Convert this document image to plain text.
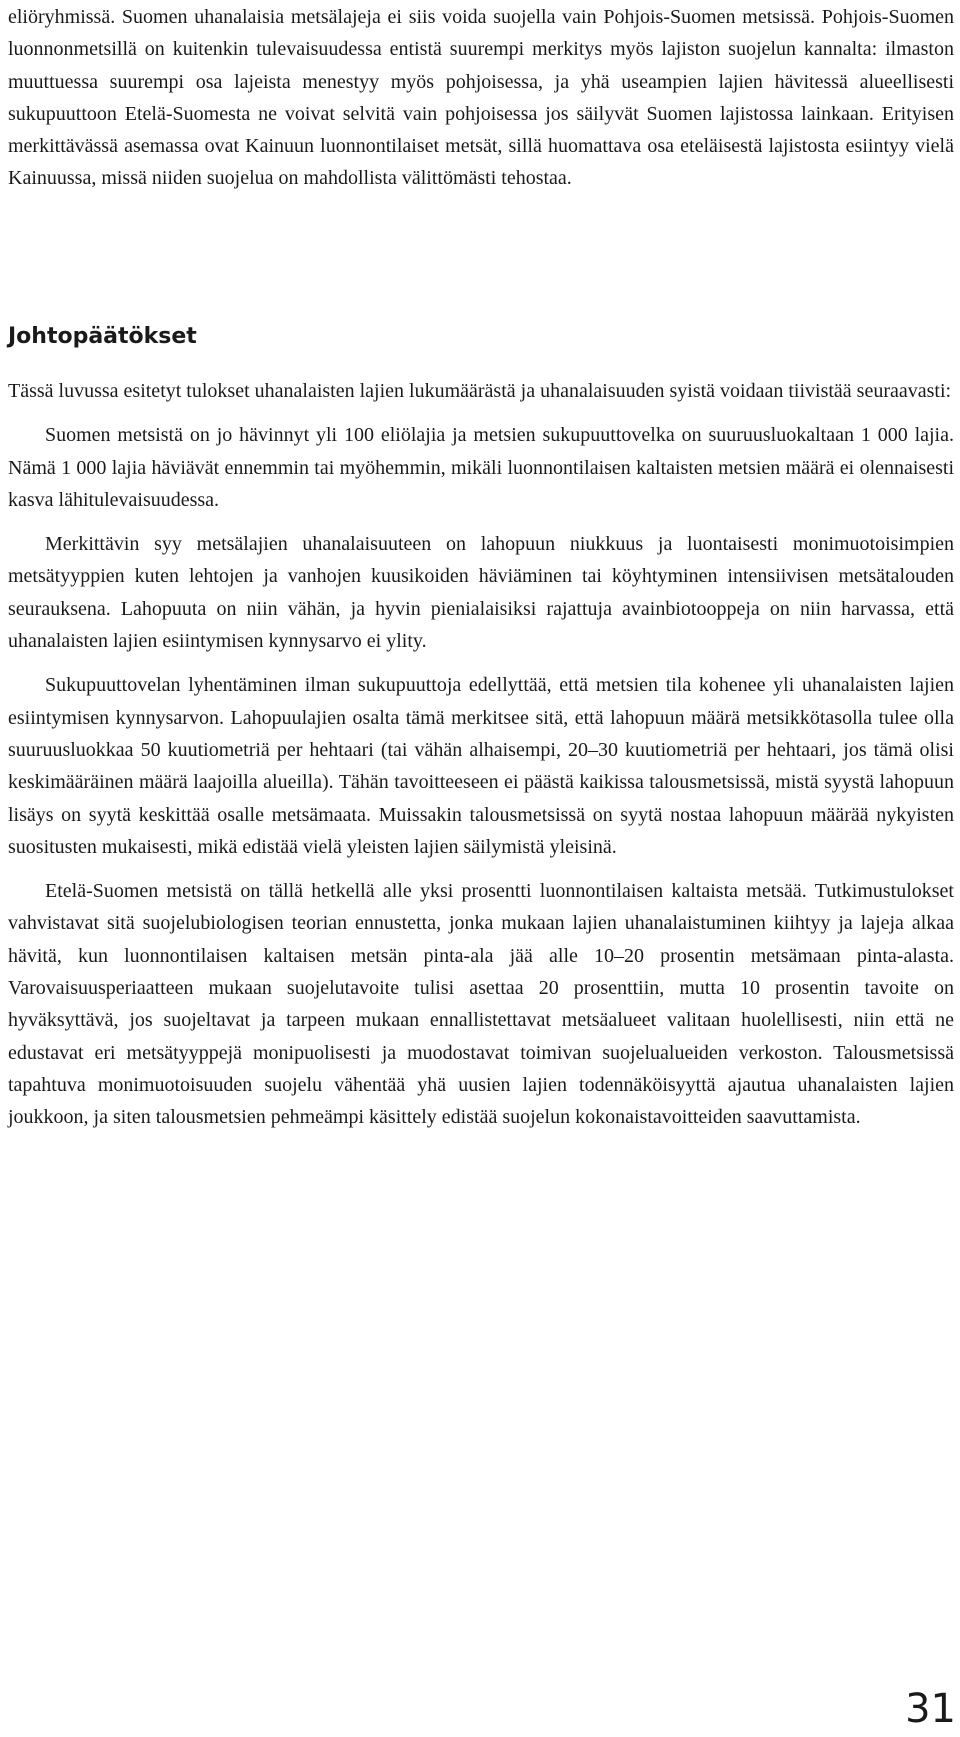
eliöryhmissä. Suomen uhanalaisia metsälajeja ei siis voida suojella vain Pohjois-Suomen metsissä. Pohjois-Suomen luonnonmetsillä on kuitenkin tulevaisuudessa entistä suurempi merkitys myös lajiston suojelun kannalta: ilmaston muuttuessa suurempi osa lajeista menestyy myös pohjoisessa, ja yhä useampien lajien hävitessä alueellisesti sukupuuttoon Etelä-Suomesta ne voivat selvitä vain pohjoisessa jos säilyvät Suomen lajistossa lainkaan. Erityisen merkittävässä asemassa ovat Kainuun luonnontilaiset metsät, sillä huomattava osa eteläisestä lajistosta esiintyy vielä Kainuussa, missä niiden suojelua on mahdollista välittömästi tehostaa.

Johtopäätökset

Tässä luvussa esitetyt tulokset uhanalaisten lajien lukumäärästä ja uhanalaisuuden syistä voidaan tiivistää seuraavasti:

Suomen metsistä on jo hävinnyt yli 100 eliölajia ja metsien sukupuuttovelka on suuruusluokaltaan 1 000 lajia. Nämä 1 000 lajia häviävät ennemmin tai myöhemmin, mikäli luonnontilaisen kaltaisten metsien määrä ei olennaisesti kasva lähitulevaisuudessa.

Merkittävin syy metsälajien uhanalaisuuteen on lahopuun niukkuus ja luontaisesti monimuotoisimpien metsätyyppien kuten lehtojen ja vanhojen kuusikoiden häviäminen tai köyhtyminen intensiivisen metsätalouden seurauksena. Lahopuuta on niin vähän, ja hyvin pienialaisiksi rajattuja avainbiotooppeja on niin harvassa, että uhanalaisten lajien esiintymisen kynnysarvo ei ylity.

Sukupuuttovelan lyhentäminen ilman sukupuuttoja edellyttää, että metsien tila kohenee yli uhanalaisten lajien esiintymisen kynnysarvon. Lahopuulajien osalta tämä merkitsee sitä, että lahopuun määrä metsikkötasolla tulee olla suuruusluokkaa 50 kuutiometriä per hehtaari (tai vähän alhaisempi, 20–30 kuutiometriä per hehtaari, jos tämä olisi keskimääräinen määrä laajoilla alueilla). Tähän tavoitteeseen ei päästä kaikissa talousmetsissä, mistä syystä lahopuun lisäys on syytä keskittää osalle metsämaata. Muissakin talousmetsissä on syytä nostaa lahopuun määrää nykyisten suositusten mukaisesti, mikä edistää vielä yleisten lajien säilymistä yleisinä.

Etelä-Suomen metsistä on tällä hetkellä alle yksi prosentti luonnontilaisen kaltaista metsää. Tutkimustulokset vahvistavat sitä suojelubiologisen teorian ennustetta, jonka mukaan lajien uhanalaistuminen kiihtyy ja lajeja alkaa hävitä, kun luonnontilaisen kaltaisen metsän pinta-ala jää alle 10–20 prosentin metsämaan pinta-alasta. Varovaisuusperiaatteen mukaan suojelutavoite tulisi asettaa 20 prosenttiin, mutta 10 prosentin tavoite on hyväksyttävä, jos suojeltavat ja tarpeen mukaan ennallistettavat metsäalueet valitaan huolellisesti, niin että ne edustavat eri metsätyyppejä monipuolisesti ja muodostavat toimivan suojelualueiden verkoston. Talousmetsissä tapahtuva monimuotoisuuden suojelu vähentää yhä uusien lajien todennäköisyyttä ajautua uhanalaisten lajien joukkoon, ja siten talousmetsien pehmeämpi käsittely edistää suojelun kokonaistavoitteiden saavuttamista.

31
